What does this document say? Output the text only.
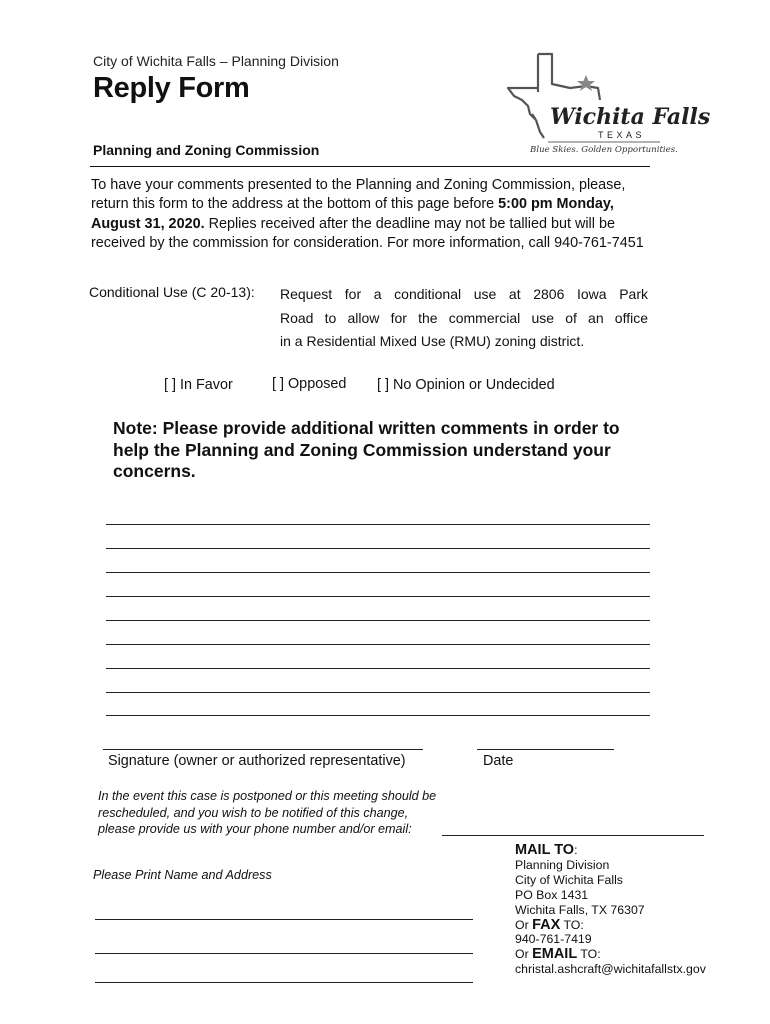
City of Wichita Falls – Planning Division
Reply Form
Planning and Zoning Commission
Wichita Falls
TEXAS
Blue Skies. Golden Opportunities.
To have your comments presented to the Planning and Zoning Commission, please, return this form to the address at the bottom of this page before 5:00 pm Monday, August 31, 2020. Replies received after the deadline may not be tallied but will be received by the commission for consideration. For more information, call 940-761-7451
Conditional Use (C 20-13): Request for a conditional use at 2806 Iowa Park
Road to allow for the commercial use of an office
in a Residential Mixed Use (RMU) zoning district.
[ ] In Favor	[ ] Opposed [ ] No Opinion or Undecided
Note: Please provide additional written comments in order to help the Planning and Zoning Commission understand your concerns.
Signature (owner or authorized representative)	Date
In the event this case is postponed or this meeting should be
rescheduled, and you wish to be notified of this change,
please provide us with your phone number and/or email:
Please Print Name and Address
MAIL TO:
Planning Division
City of Wichita Falls
PO Box 1431
Wichita Falls, TX 76307
Or FAX TO:
940-761-7419
Or EMAIL TO:
christal.ashcraft@wichitafallstx.gov
